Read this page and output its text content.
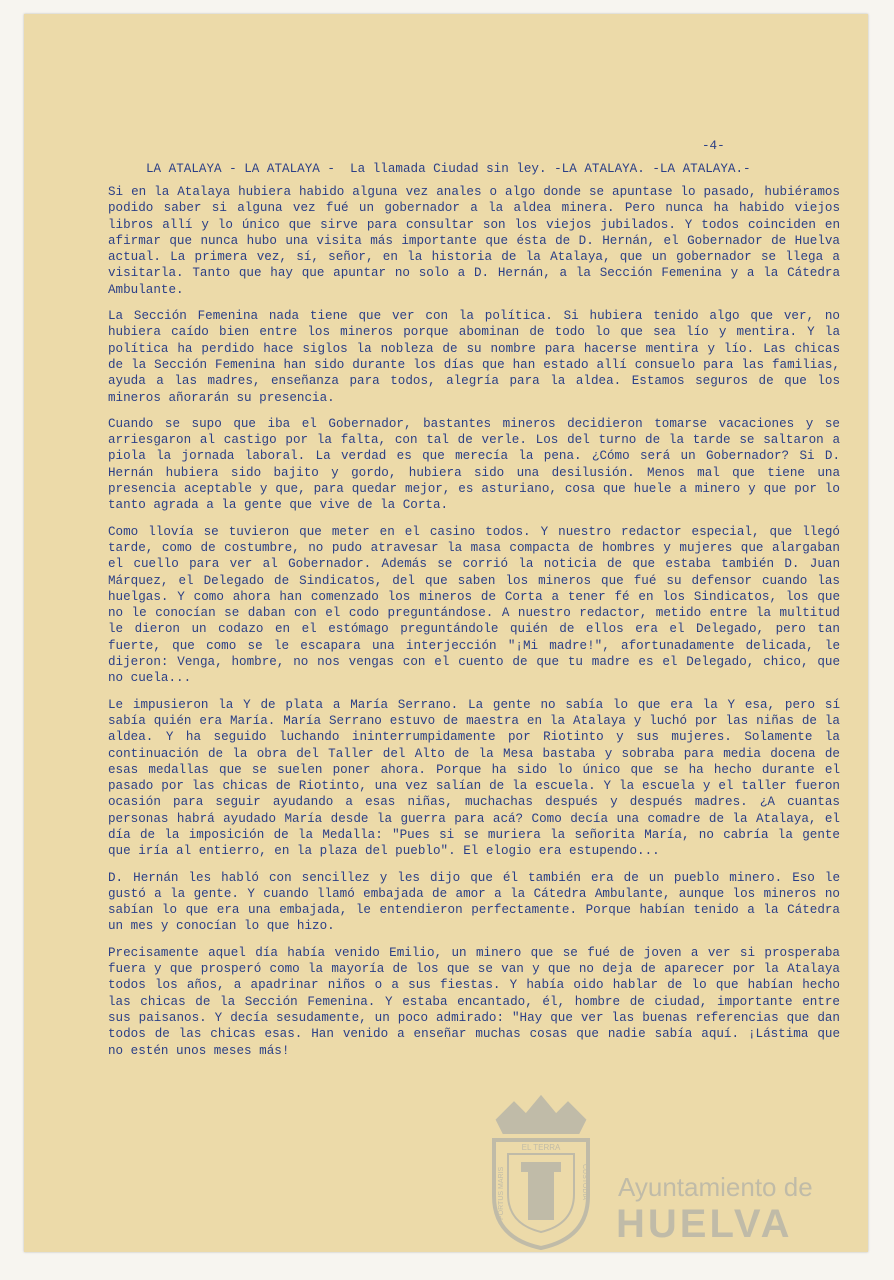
-4-
LA ATALAYA - LA ATALAYA -  La llamada Ciudad sin ley. -LA ATALAYA. -LA ATALAYA.-

Si en la Atalaya hubiera habido alguna vez anales o algo donde se apuntase lo pasado, hubiéramos podido saber si alguna vez fué un gobernador a la aldea minera. Pero nunca ha habido viejos libros allí y lo único que sirve para consultar son los viejos jubilados. Y todos coinciden en afirmar que nunca hubo una visita más importante que ésta de D. Hernán, el Gobernador de Huelva actual. La primera vez, sí, señor, en la historia de la Atalaya, que un gobernador se llega a visitarla. Tanto que hay que apuntar no solo a D. Hernán, a la Sección Femenina y a la Cátedra Ambulante.

La Sección Femenina nada tiene que ver con la política. Si hubiera tenido algo que ver, no hubiera caído bien entre los mineros porque abominan de todo lo que sea lío y mentira. Y la política ha perdido hace siglos la nobleza de su nombre para hacerse mentira y lío. Las chicas de la Sección Femenina han sido durante los días que han estado allí consuelo para las familias, ayuda a las madres, enseñanza para todos, alegría para la aldea. Estamos seguros de que los mineros añorarán su presencia.

Cuando se supo que iba el Gobernador, bastantes mineros decidieron tomarse vacaciones y se arriesgaron al castigo por la falta, con tal de verle. Los del turno de la tarde se saltaron a piola la jornada laboral. La verdad es que merecía la pena. ¿Cómo será un Gobernador? Si D. Hernán hubiera sido bajito y gordo, hubiera sido una desilusión. Menos mal que tiene una presencia aceptable y que, para quedar mejor, es asturiano, cosa que huele a minero y que por lo tanto agrada a la gente que vive de la Corta.

Como llovía se tuvieron que meter en el casino todos. Y nuestro redactor especial, que llegó tarde, como de costumbre, no pudo atravesar la masa compacta de hombres y mujeres que alargaban el cuello para ver al Gobernador. Además se corrió la noticia de que estaba también D. Juan Márquez, el Delegado de Sindicatos, del que saben los mineros que fué su defensor cuando las huelgas. Y como ahora han comenzado los mineros de Corta a tener fé en los Sindicatos, los que no le conocían se daban con el codo preguntándose. A nuestro redactor, metido entre la multitud le dieron un codazo en el estómago preguntándole quién de ellos era el Delegado, pero tan fuerte, que como se le escapara una interjección "¡Mi madre!", afortunadamente delicada, le dijeron: Venga, hombre, no nos vengas con el cuento de que tu madre es el Delegado, chico, que no cuela...

Le impusieron la Y de plata a María Serrano. La gente no sabía lo que era la Y esa, pero sí sabía quién era María. María Serrano estuvo de maestra en la Atalaya y luchó por las niñas de la aldea. Y ha seguido luchando ininterrumpidamente por Riotinto y sus mujeres. Solamente la continuación de la obra del Taller del Alto de la Mesa bastaba y sobraba para media docena de esas medallas que se suelen poner ahora. Porque ha sido lo único que se ha hecho durante el pasado por las chicas de Riotinto, una vez salían de la escuela. Y la escuela y el taller fueron ocasión para seguir ayudando a esas niñas, muchachas después y después madres. ¿A cuantas personas habrá ayudado María desde la guerra para acá? Como decía una comadre de la Atalaya, el día de la imposición de la Medalla: "Pues si se muriera la señorita María, no cabría la gente que iría al entierro, en la plaza del pueblo". El elogio era estupendo...

D. Hernán les habló con sencillez y les dijo que él también era de un pueblo minero. Eso le gustó a la gente. Y cuando llamó embajada de amor a la Cátedra Ambulante, aunque los mineros no sabían lo que era una embajada, le entendieron perfectamente. Porque habían tenido a la Cátedra un mes y conocían lo que hizo.

Precisamente aquel día había venido Emilio, un minero que se fué de joven a ver si prosperaba fuera y que prosperó como la mayoría de los que se van y que no deja de aparecer por la Atalaya todos los años, a apadrinar niños o a sus fiestas. Y había oido hablar de lo que habían hecho las chicas de la Sección Femenina. Y estaba encantado, él, hombre de ciudad, importante entre sus paisanos. Y decía sesudamente, un poco admirado: "Hay que ver las buenas referencias que dan todos de las chicas esas. Han venido a enseñar muchas cosas que nadie sabía aquí. ¡Lástima que no estén unos meses más!

EL TERRA
PORTUS MARIS	CUSTODIA Ayuntamiento de
HUELVA
